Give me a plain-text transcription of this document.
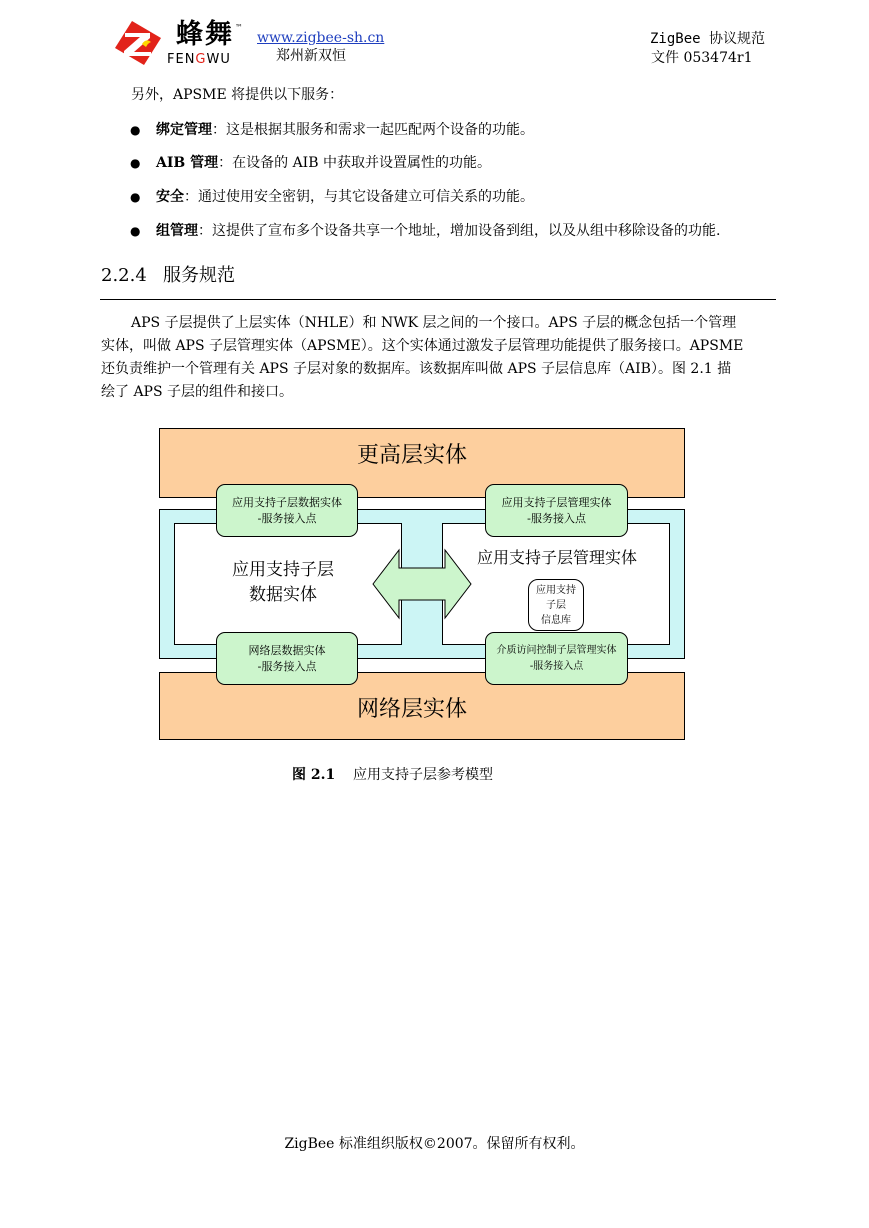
蜂舞 ™
FENGWU
www.zigbee-sh.cn
郑州新双恒
ZigBee 协议规范
文件 053474r1
另外，APSME 将提供以下服务：
● 绑定管理：这是根据其服务和需求一起匹配两个设备的功能。
● AIB 管理：在设备的 AIB 中获取并设置属性的功能。
● 安全：通过使用安全密钥，与其它设备建立可信关系的功能。
● 组管理：这提供了宣布多个设备共享一个地址，增加设备到组，以及从组中移除设备的功能.
2.2.4 服务规范
APS 子层提供了上层实体（NHLE）和 NWK 层之间的一个接口。APS 子层的概念包括一个管理
实体，叫做 APS 子层管理实体（APSME）。这个实体通过激发子层管理功能提供了服务接口。APSME
还负责维护一个管理有关 APS 子层对象的数据库。该数据库叫做 APS 子层信息库（AIB）。图 2.1 描
绘了 APS 子层的组件和接口。
更高层实体
网络层实体
应用支持子层
数据实体
应用支持子层管理实体
应用支持
子层
信息库
应用支持子层数据实体
-服务接入点
应用支持子层管理实体
-服务接入点
网络层数据实体
-服务接入点
介质访问控制子层管理实体
-服务接入点
图 2.1 应用支持子层参考模型
ZigBee 标准组织版权©2007。保留所有权利。
